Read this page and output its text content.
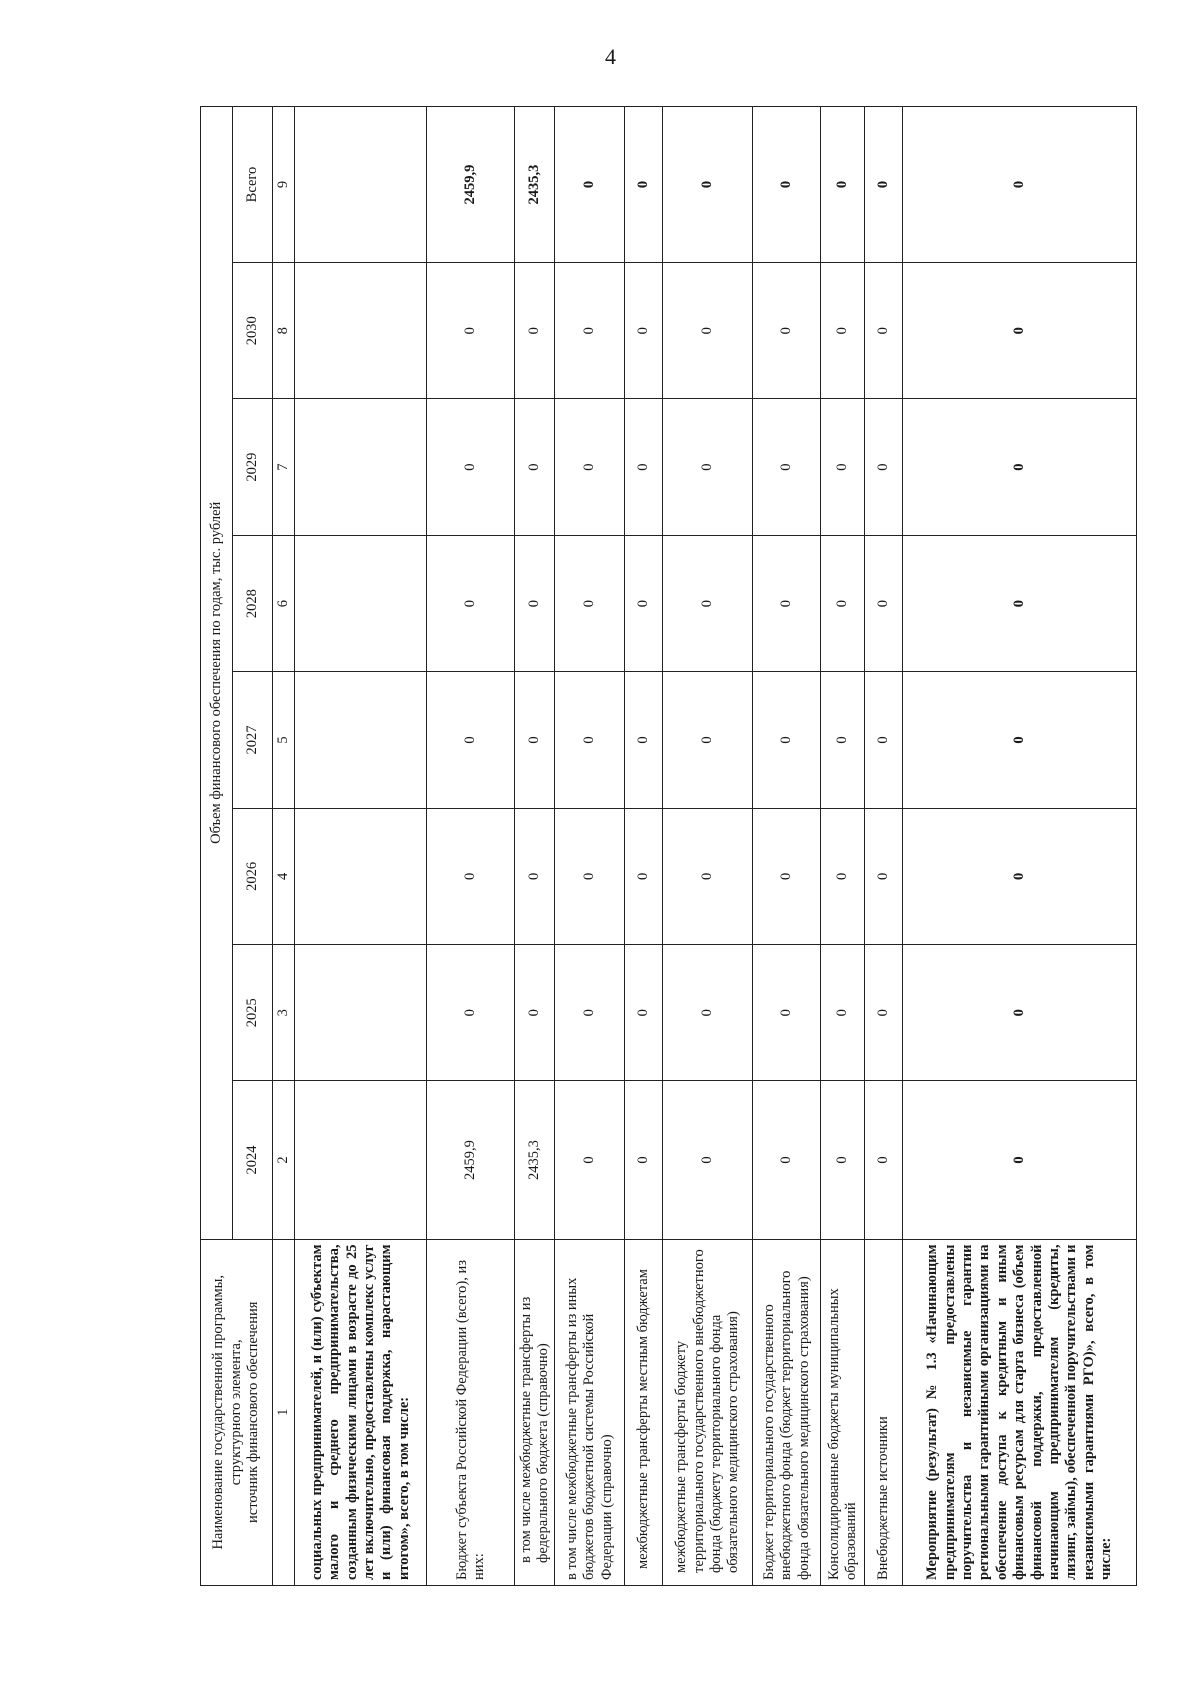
4
Наименование государственной программы, структурного элемента, источник финансового обеспечения	Объем финансового обеспечения по годам, тыс. рублей							
	2024	2025	2026	2027	2028	2029	2030	Всего
1	2	3	4	5	6	7	8	9
социальных предпринимателей, и (или) субъектам малого и среднего предпринимательства, созданным физическими лицами в возрасте до 25 лет включительно, предоставлены комплекс услуг и (или) финансовая поддержка, нарастающим итогом», всего, в том числе:								
Бюджет субъекта Российской Федерации (всего), из них:	2459,9	0	0	0	0	0	0	2459,9
в том числе межбюджетные трансферты из федерального бюджета (справочно)	2435,3	0	0	0	0	0	0	2435,3
в том числе межбюджетные трансферты из иных бюджетов бюджетной системы Российской Федерации (справочно)	0	0	0	0	0	0	0	0
межбюджетные трансферты местным бюджетам	0	0	0	0	0	0	0	0
межбюджетные трансферты бюджету территориального государственного внебюджетного фонда (бюджету территориального фонда обязательного медицинского страхования)	0	0	0	0	0	0	0	0
Бюджет территориального государственного внебюджетного фонда (бюджет территориального фонда обязательного медицинского страхования)	0	0	0	0	0	0	0	0
Консолидированные бюджеты муниципальных образований	0	0	0	0	0	0	0	0
Внебюджетные источники	0	0	0	0	0	0	0	0
Мероприятие (результат) № 1.3 «Начинающим предпринимателям предоставлены поручительства и независимые гарантии региональными гарантийными организациями на обеспечение доступа к кредитным и иным финансовым ресурсам для старта бизнеса (объем финансовой поддержки, предоставленной начинающим предпринимателям (кредиты, лизинг, займы), обеспеченной поручительствами и независимыми гарантиями РГО)», всего, в том числе:	0	0	0	0	0	0	0	0
